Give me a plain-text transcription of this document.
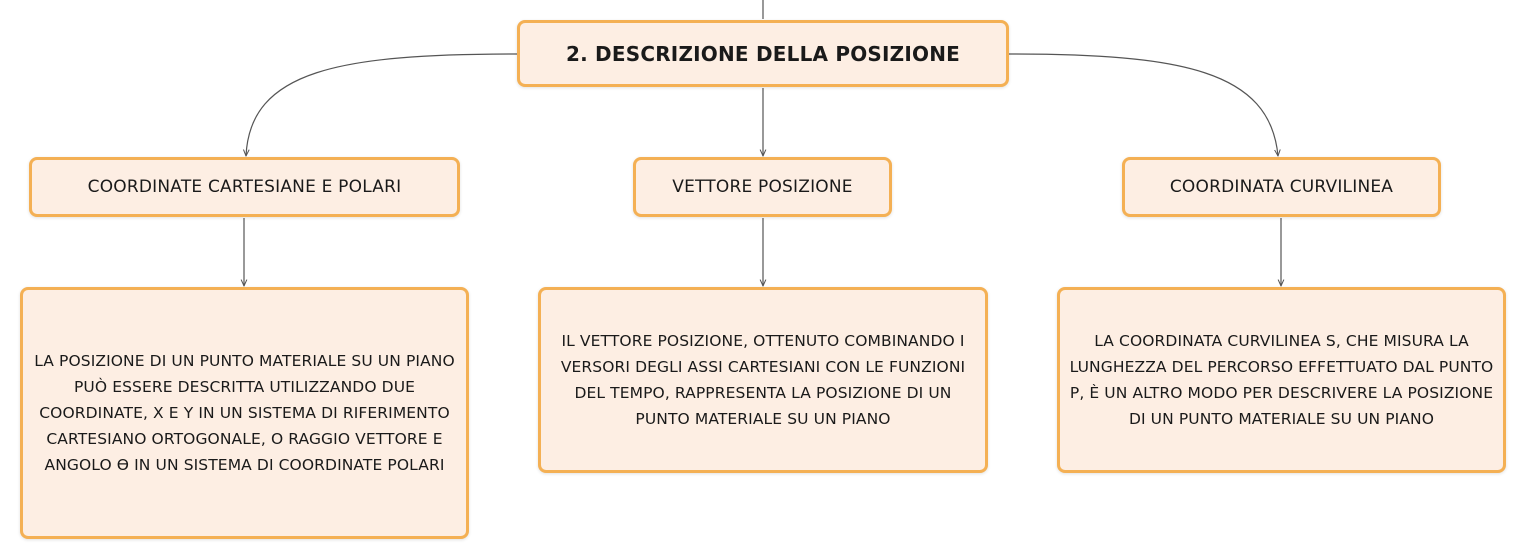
2. DESCRIZIONE DELLA POSIZIONE
COORDINATE CARTESIANE E POLARI	VETTORE POSIZIONE	COORDINATA CURVILINEA
LA POSIZIONE DI UN PUNTO MATERIALE SU UN PIANO PUÒ ESSERE DESCRITTA UTILIZZANDO DUE COORDINATE, X E Y IN UN SISTEMA DI RIFERIMENTO CARTESIANO ORTOGONALE, O RAGGIO VETTORE E ANGOLO ϴ IN UN SISTEMA DI COORDINATE POLARI
IL VETTORE POSIZIONE, OTTENUTO COMBINANDO I VERSORI DEGLI ASSI CARTESIANI CON LE FUNZIONI DEL TEMPO, RAPPRESENTA LA POSIZIONE DI UN PUNTO MATERIALE SU UN PIANO
LA COORDINATA CURVILINEA S, CHE MISURA LA LUNGHEZZA DEL PERCORSO EFFETTUATO DAL PUNTO P, È UN ALTRO MODO PER DESCRIVERE LA POSIZIONE DI UN PUNTO MATERIALE SU UN PIANO
